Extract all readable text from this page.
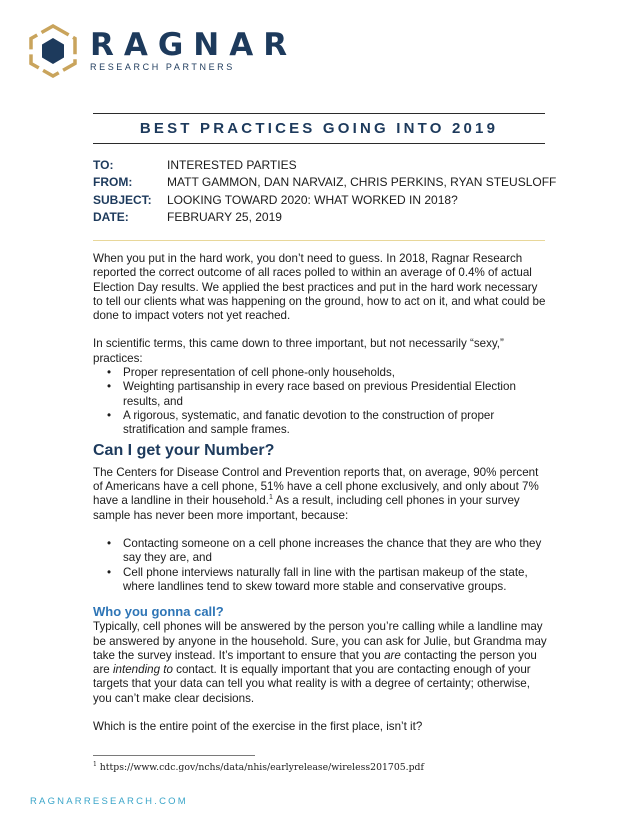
RAGNAR
RESEARCH PARTNERS
BEST PRACTICES GOING INTO 2019
TO:	INTERESTED PARTIES
FROM:	MATT GAMMON, DAN NARVAIZ, CHRIS PERKINS, RYAN STEUSLOFF
SUBJECT:	LOOKING TOWARD 2020: WHAT WORKED IN 2018?
DATE:	FEBRUARY 25, 2019

When you put in the hard work, you don’t need to guess. In 2018, Ragnar Research reported the correct outcome of all races polled to within an average of 0.4% of actual Election Day results. We applied the best practices and put in the hard work necessary to tell our clients what was happening on the ground, how to act on it, and what could be done to impact voters not yet reached.

In scientific terms, this came down to three important, but not necessarily “sexy,” practices:

• Proper representation of cell phone-only households,
• Weighting partisanship in every race based on previous Presidential Election results, and
• A rigorous, systematic, and fanatic devotion to the construction of proper stratification and sample frames.
Can I get your Number?

The Centers for Disease Control and Prevention reports that, on average, 90% percent of Americans have a cell phone, 51% have a cell phone exclusively, and only about 7% have a landline in their household.$^1$ As a result, including cell phones in your survey sample has never been more important, because:

• Contacting someone on a cell phone increases the chance that they are who they say they are, and
• Cell phone interviews naturally fall in line with the partisan makeup of the state, where landlines tend to skew toward more stable and conservative groups.
Who you gonna call?

Typically, cell phones will be answered by the person you’re calling while a landline may be answered by anyone in the household. Sure, you can ask for Julie, but Grandma may take the survey instead. It’s important to ensure that you are contacting the person you are intending to contact. It is equally important that you are contacting enough of your targets that your data can tell you what reality is with a degree of certainty; otherwise, you can’t make clear decisions.

Which is the entire point of the exercise in the first place, isn’t it?

$^1$ https://www.cdc.gov/nchs/data/nhis/earlyrelease/wireless201705.pdf
RAGNARRESEARCH.COM
